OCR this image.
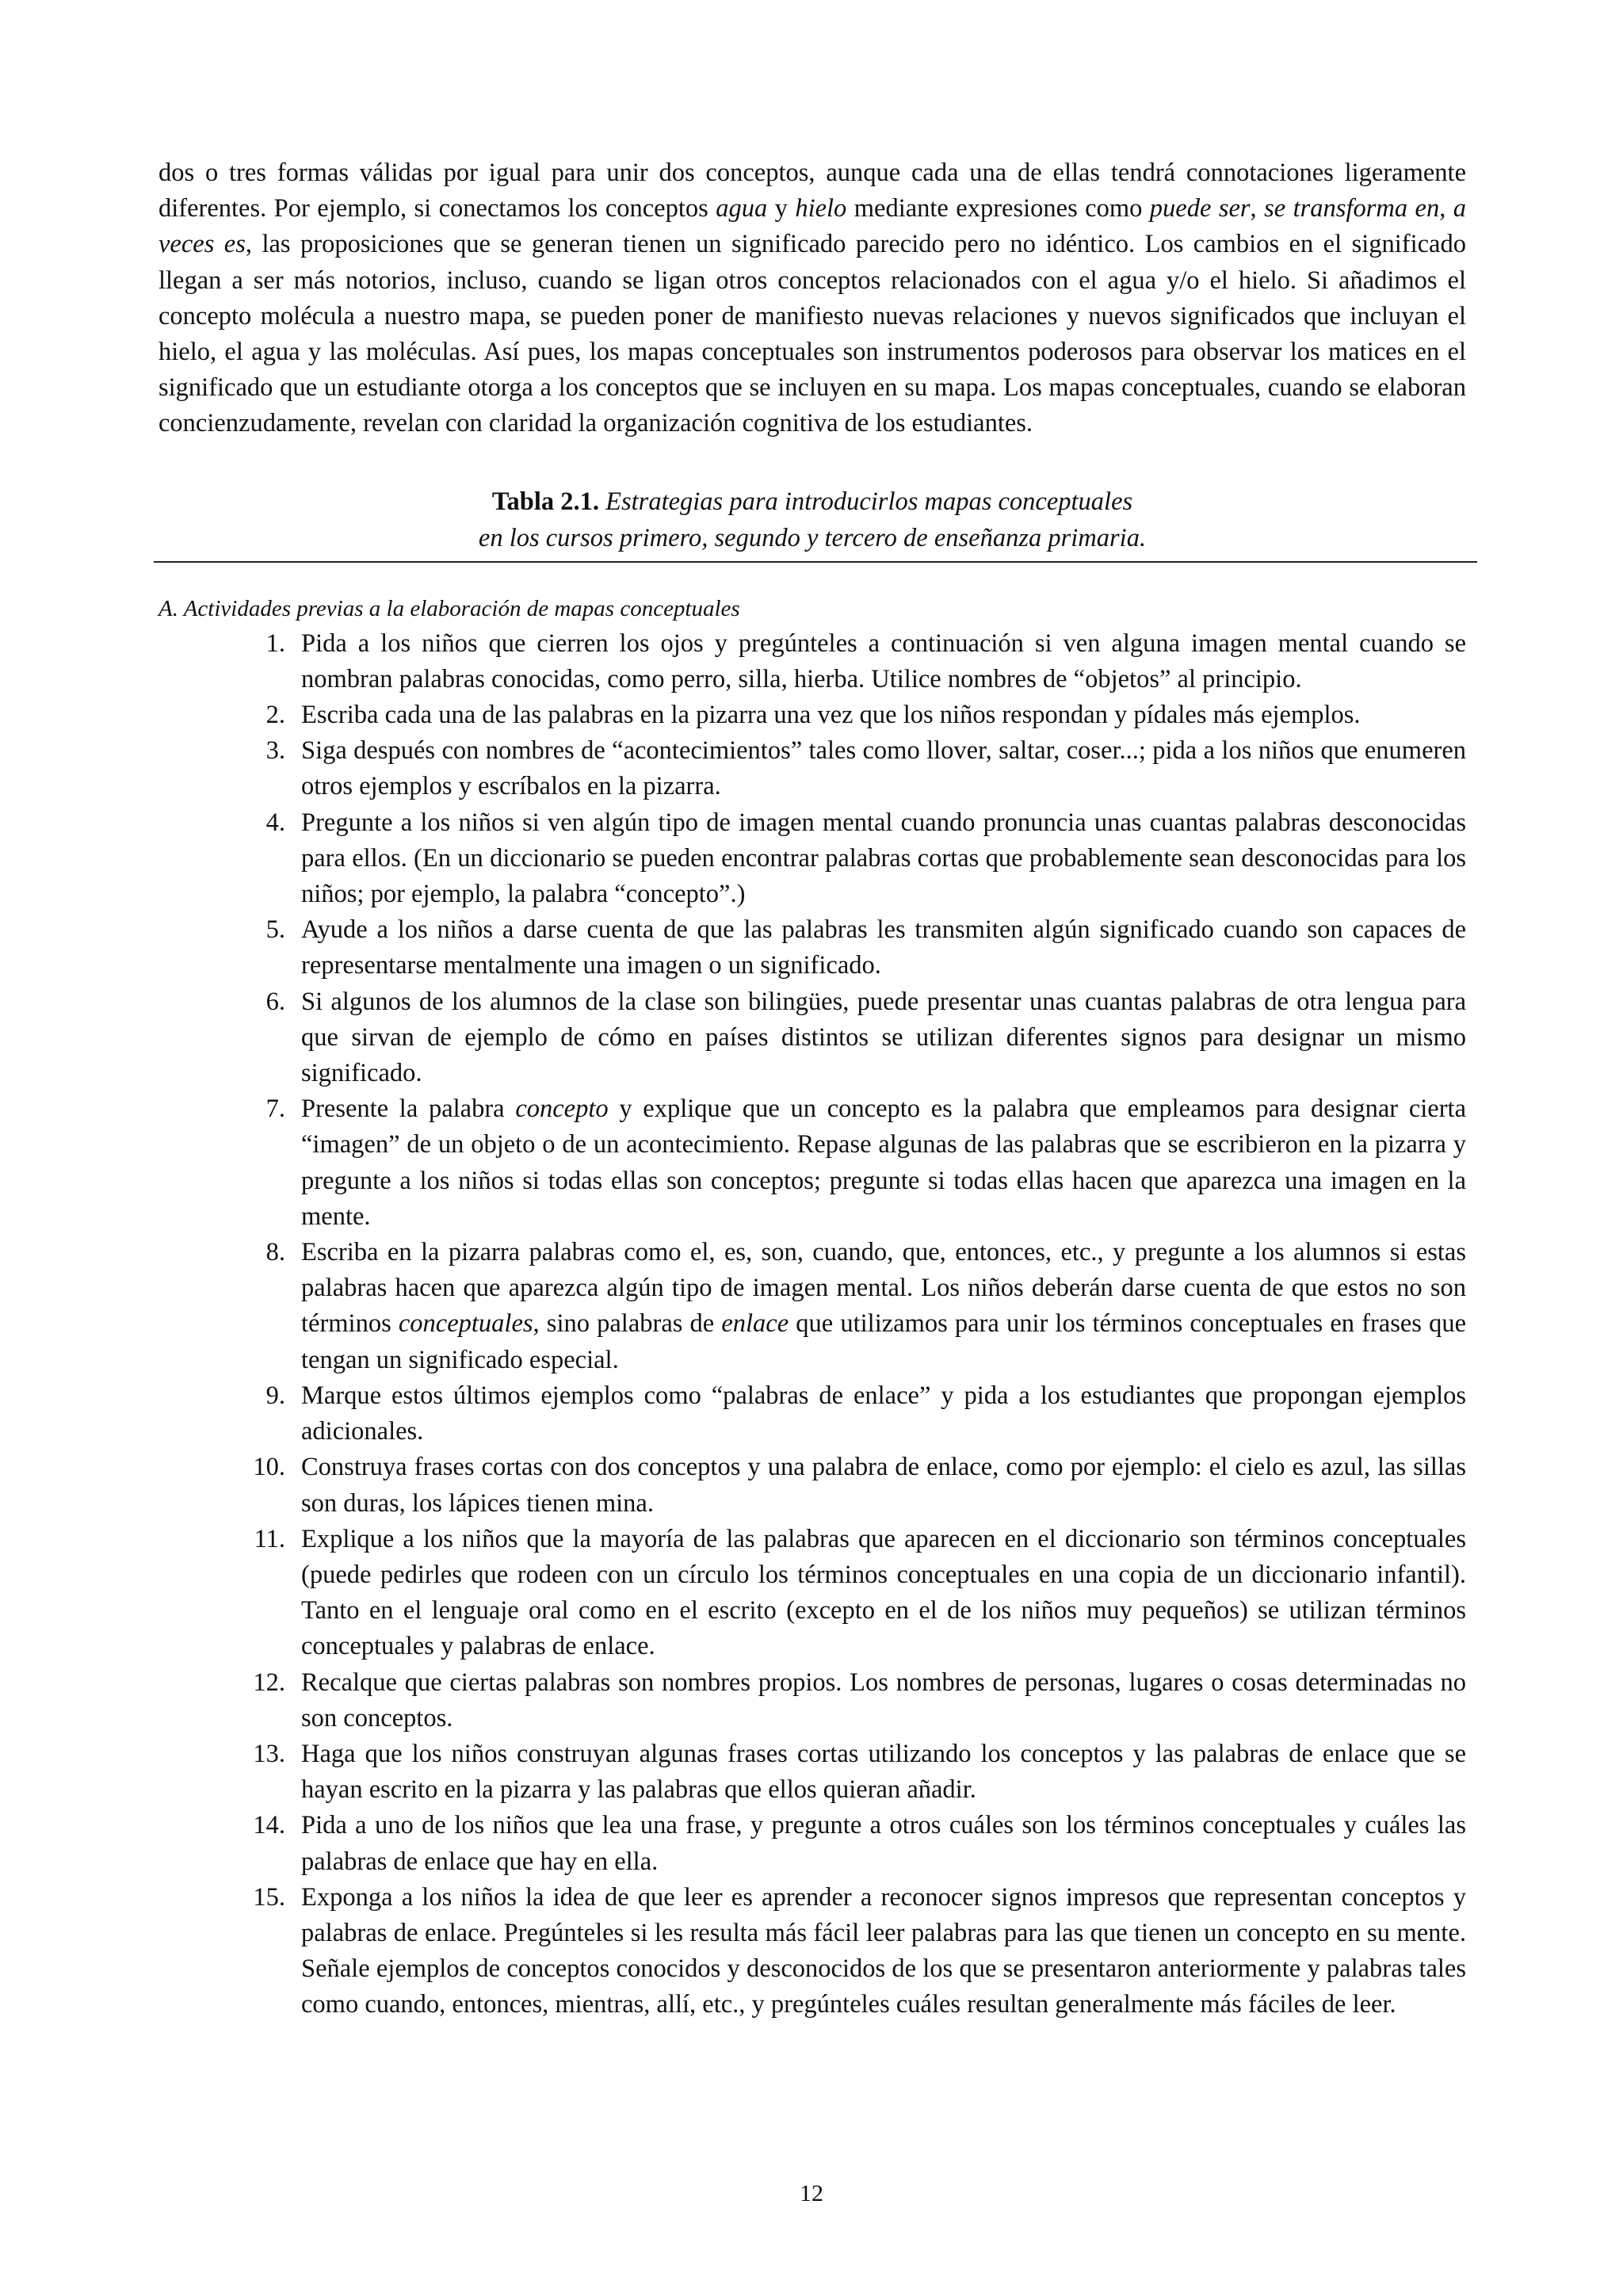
dos o tres formas válidas por igual para unir dos conceptos, aunque cada una de ellas tendrá connotaciones ligeramente diferentes. Por ejemplo, si conectamos los conceptos agua y hielo mediante expresiones como puede ser, se transforma en, a veces es, las proposiciones que se generan tienen un significado parecido pero no idéntico. Los cambios en el significado llegan a ser más notorios, incluso, cuando se ligan otros conceptos relacionados con el agua y/o el hielo. Si añadimos el concepto molécula a nuestro mapa, se pueden poner de manifiesto nuevas relaciones y nuevos significados que incluyan el hielo, el agua y las moléculas. Así pues, los mapas conceptuales son instrumentos poderosos para observar los matices en el significado que un estudiante otorga a los conceptos que se incluyen en su mapa. Los mapas conceptuales, cuando se elaboran concienzudamente, revelan con claridad la organización cognitiva de los estudiantes.

Tabla 2.1. Estrategias para introducirlos mapas conceptuales
en los cursos primero, segundo y tercero de enseñanza primaria.
A. Actividades previas a la elaboración de mapas conceptuales
1. Pida a los niños que cierren los ojos y pregúnteles a continuación si ven alguna imagen mental cuando se nombran palabras conocidas, como perro, silla, hierba. Utilice nombres de “objetos” al principio.
2. Escriba cada una de las palabras en la pizarra una vez que los niños respondan y pídales más ejemplos.
3. Siga después con nombres de “acontecimientos” tales como llover, saltar, coser...; pida a los niños que enumeren otros ejemplos y escríbalos en la pizarra.
4. Pregunte a los niños si ven algún tipo de imagen mental cuando pronuncia unas cuantas palabras desconocidas para ellos. (En un diccionario se pueden encontrar palabras cortas que probablemente sean desconocidas para los niños; por ejemplo, la palabra “concepto”.)
5. Ayude a los niños a darse cuenta de que las palabras les transmiten algún significado cuando son capaces de representarse mentalmente una imagen o un significado.
6. Si algunos de los alumnos de la clase son bilingües, puede presentar unas cuantas palabras de otra lengua para que sirvan de ejemplo de cómo en países distintos se utilizan diferentes signos para designar un mismo significado.
7. Presente la palabra concepto y explique que un concepto es la palabra que empleamos para designar cierta “imagen” de un objeto o de un acontecimiento. Repase algunas de las palabras que se escribieron en la pizarra y pregunte a los niños si todas ellas son conceptos; pregunte si todas ellas hacen que aparezca una imagen en la mente.
8. Escriba en la pizarra palabras como el, es, son, cuando, que, entonces, etc., y pregunte a los alumnos si estas palabras hacen que aparezca algún tipo de imagen mental. Los niños deberán darse cuenta de que estos no son términos conceptuales, sino palabras de enlace que utilizamos para unir los términos conceptuales en frases que tengan un significado especial.
9. Marque estos últimos ejemplos como “palabras de enlace” y pida a los estudiantes que propongan ejemplos adicionales.
10. Construya frases cortas con dos conceptos y una palabra de enlace, como por ejemplo: el cielo es azul, las sillas son duras, los lápices tienen mina.
11. Explique a los niños que la mayoría de las palabras que aparecen en el diccionario son términos conceptuales (puede pedirles que rodeen con un círculo los términos conceptuales en una copia de un diccionario infantil). Tanto en el lenguaje oral como en el escrito (excepto en el de los niños muy pequeños) se utilizan términos conceptuales y palabras de enlace.
12. Recalque que ciertas palabras son nombres propios. Los nombres de personas, lugares o cosas determinadas no son conceptos.
13. Haga que los niños construyan algunas frases cortas utilizando los conceptos y las palabras de enlace que se hayan escrito en la pizarra y las palabras que ellos quieran añadir.
14. Pida a uno de los niños que lea una frase, y pregunte a otros cuáles son los términos conceptuales y cuáles las palabras de enlace que hay en ella.
15. Exponga a los niños la idea de que leer es aprender a reconocer signos impresos que representan conceptos y palabras de enlace. Pregúnteles si les resulta más fácil leer palabras para las que tienen un concepto en su mente. Señale ejemplos de conceptos conocidos y desconocidos de los que se presentaron anteriormente y palabras tales como cuando, entonces, mientras, allí, etc., y pregúnteles cuáles resultan generalmente más fáciles de leer.
12
